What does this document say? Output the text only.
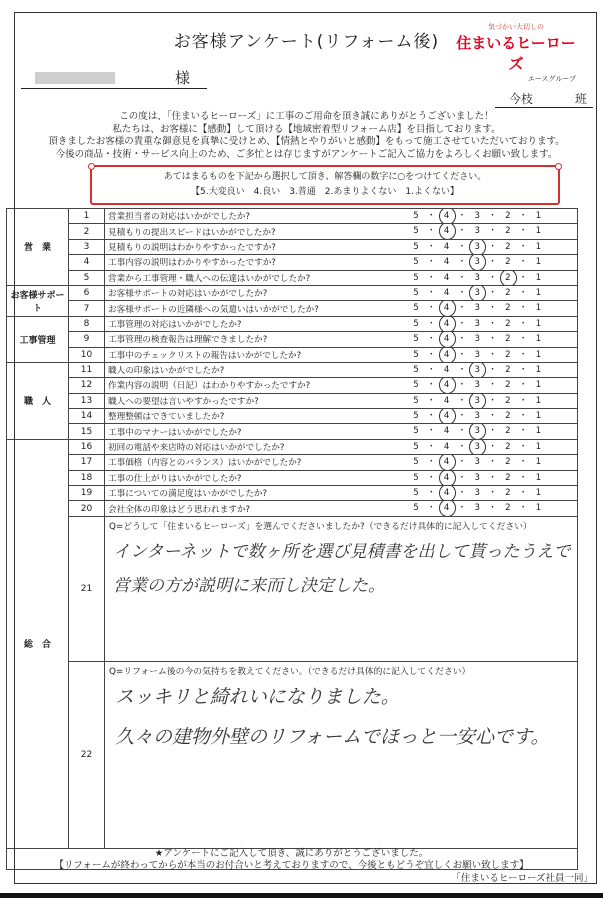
お客様アンケート(リフォーム後)
気づかい大切しの
住まいるヒーローズ
エースグループ
様
今枝	班
この度は、「住まいるヒーローズ」に工事のご用命を頂き誠にありがとうございました！
私たちは、お客様に【感動】して頂ける【地域密着型リフォーム店】を目指しております。
頂きましたお客様の貴重な御意見を真摯に受けとめ、【情熱とやりがいと感動】をもって施工させていただいております。
今後の商品・技術・サービス向上のため、ご多忙とは存じますがアンケートご記入ご協力をよろしくお願い致します。
あてはまるものを下記から選択して頂き、解答欄の数字に○をつけてください。
【5.大変良い　4.良い　3.普通　2.あまりよくない　1.よくない】
営　業	1	営業担当者の対応はいかがでしたか? 5 ・ 4 ・ 3 ・ 2 ・ 1

	2	見積もりの提出スピードはいかがでしたか? 5 ・ 4 ・ 3 ・ 2 ・ 1

	3	見積もりの説明はわかりやすかったですか? 5 ・ 4 ・ 3 ・ 2 ・ 1

	4	工事内容の説明はわかりやすかったですか? 5 ・ 4 ・ 3 ・ 2 ・ 1

	5	営業から工事管理・職人への伝達はいかがでしたか? 5 ・ 4 ・ 3 ・ 2 ・ 1

お客様サポート	6	お客様サポートの対応はいかがでしたか? 5 ・ 4 ・ 3 ・ 2 ・ 1

	7	お客様サポートの近隣様への気遣いはいかがでしたか? 5 ・ 4 ・ 3 ・ 2 ・ 1

工事管理	8	工事管理の対応はいかがでしたか? 5 ・ 4 ・ 3 ・ 2 ・ 1

	9	工事管理の検査報告は理解できましたか? 5 ・ 4 ・ 3 ・ 2 ・ 1

	10	工事中のチェックリストの報告はいかがでしたか? 5 ・ 4 ・ 3 ・ 2 ・ 1

職　人	11	職人の印象はいかがでしたか? 5 ・ 4 ・ 3 ・ 2 ・ 1

	12	作業内容の説明（日記）はわかりやすかったですか? 5 ・ 4 ・ 3 ・ 2 ・ 1

	13	職人への要望は言いやすかったですか? 5 ・ 4 ・ 3 ・ 2 ・ 1

	14	整理整頓はできていましたか? 5 ・ 4 ・ 3 ・ 2 ・ 1

	15	工事中のマナーはいかがでしたか? 5 ・ 4 ・ 3 ・ 2 ・ 1

総　合	16	初回の電話や来店時の対応はいかがでしたか? 5 ・ 4 ・ 3 ・ 2 ・ 1

	17	工事価格（内容とのバランス）はいかがでしたか? 5 ・ 4 ・ 3 ・ 2 ・ 1

	18	工事の仕上がりはいかがでしたか? 5 ・ 4 ・ 3 ・ 2 ・ 1

	19	工事についての満足度はいかがでしたか? 5 ・ 4 ・ 3 ・ 2 ・ 1

	20	会社全体の印象はどう思われますか? 5 ・ 4 ・ 3 ・ 2 ・ 1

	21	Q=どうして「住まいるヒーローズ」を選んでくださいましたか?（できるだけ具体的に記入してください）
インターネットで数ヶ所を選び見積書を出して貰ったうえで
営業の方が説明に来而し決定した。

	22	Q=リフォーム後の今の気持ちを教えてください。（できるだけ具体的に記入してください）
スッキリと綺れいになりました。
久々の建物外壁のリフォームでほっと一安心です。
★アンケートにご記入して頂き、誠にありがとうございました。
【リフォームが終わってからが本当のお付合いと考えておりますので、今後ともどうぞ宜しくお願い致します】
「住まいるヒーローズ社員一同」
